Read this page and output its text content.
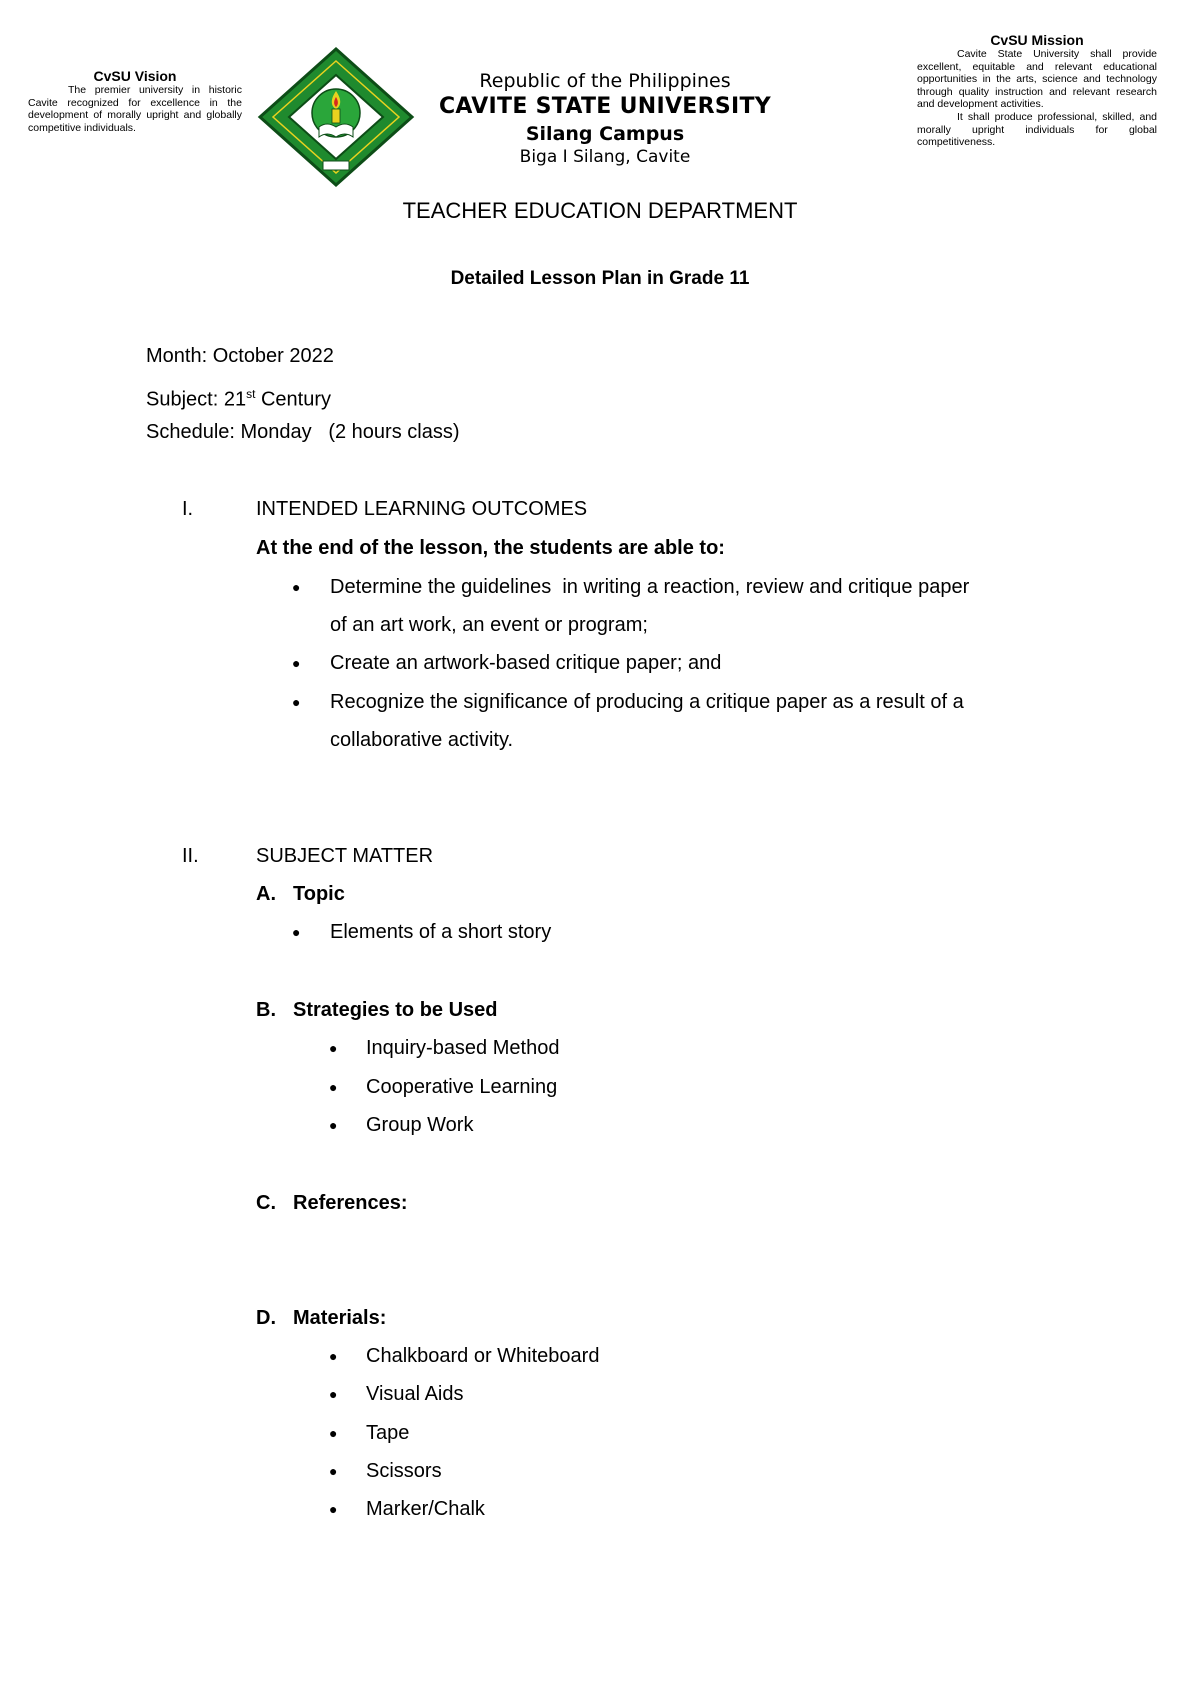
CvSU Vision
The premier university in historic Cavite recognized for excellence in the development of morally upright and globally competitive individuals.
Republic of the Philippines
CAVITE STATE UNIVERSITY
Silang Campus
Biga I Silang, Cavite
CvSU Mission
Cavite State University shall provide excellent, equitable and relevant educational opportunities in the arts, science and technology through quality instruction and relevant research and development activities.
It shall produce professional, skilled, and morally upright individuals for global competitiveness.
TEACHER EDUCATION DEPARTMENT
Detailed Lesson Plan in Grade 11
Month: October 2022
Subject: 21st Century
Schedule: Monday   (2 hours class)
I.	INTENDED LEARNING OUTCOMES
At the end of the lesson, the students are able to:
● Determine the guidelines  in writing a reaction, review and critique paper
of an art work, an event or program;
● Create an artwork-based critique paper; and
● Recognize the significance of producing a critique paper as a result of a
collaborative activity.
II.	SUBJECT MATTER
A. Topic
● Elements of a short story
B. Strategies to be Used
● Inquiry-based Method
● Cooperative Learning
● Group Work
C. References:
D. Materials:
● Chalkboard or Whiteboard
● Visual Aids
● Tape
● Scissors
● Marker/Chalk
